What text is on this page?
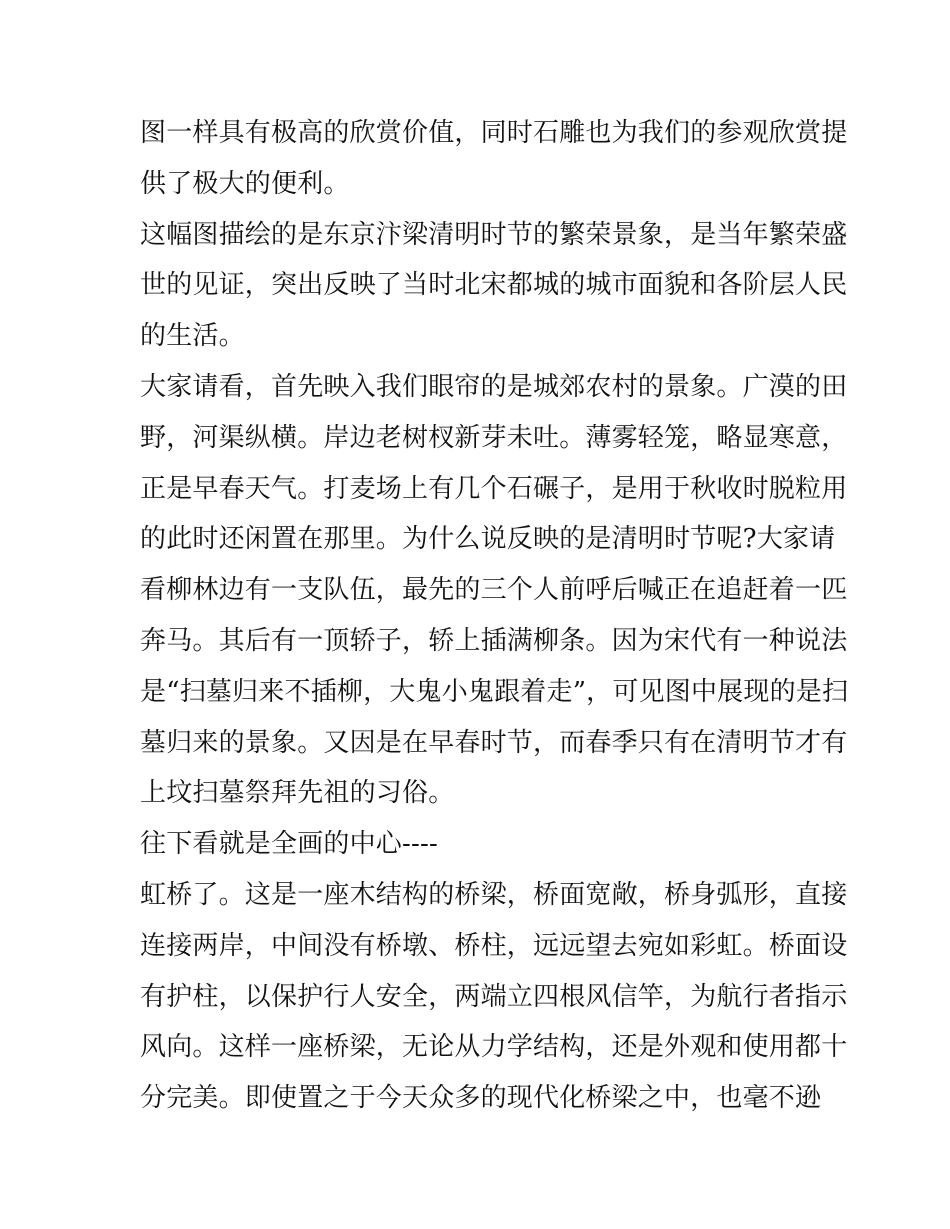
图一样具有极高的欣赏价值，同时石雕也为我们的参观欣赏提
供了极大的便利。
这幅图描绘的是东京汴梁清明时节的繁荣景象，是当年繁荣盛
世的见证，突出反映了当时北宋都城的城市面貌和各阶层人民
的生活。
大家请看，首先映入我们眼帘的是城郊农村的景象。广漠的田
野，河渠纵横。岸边老树杈新芽未吐。薄雾轻笼，略显寒意，
正是早春天气。打麦场上有几个石碾子，是用于秋收时脱粒用
的此时还闲置在那里。为什么说反映的是清明时节呢?大家请
看柳林边有一支队伍，最先的三个人前呼后喊正在追赶着一匹
奔马。其后有一顶轿子，轿上插满柳条。因为宋代有一种说法
是“扫墓归来不插柳，大鬼小鬼跟着走”，可见图中展现的是扫
墓归来的景象。又因是在早春时节，而春季只有在清明节才有
上坟扫墓祭拜先祖的习俗。
往下看就是全画的中心----
虹桥了。这是一座木结构的桥梁，桥面宽敞，桥身弧形，直接
连接两岸，中间没有桥墩、桥柱，远远望去宛如彩虹。桥面设
有护柱，以保护行人安全，两端立四根风信竿，为航行者指示
风向。这样一座桥梁，无论从力学结构，还是外观和使用都十
分完美。即使置之于今天众多的现代化桥梁之中，也毫不逊
